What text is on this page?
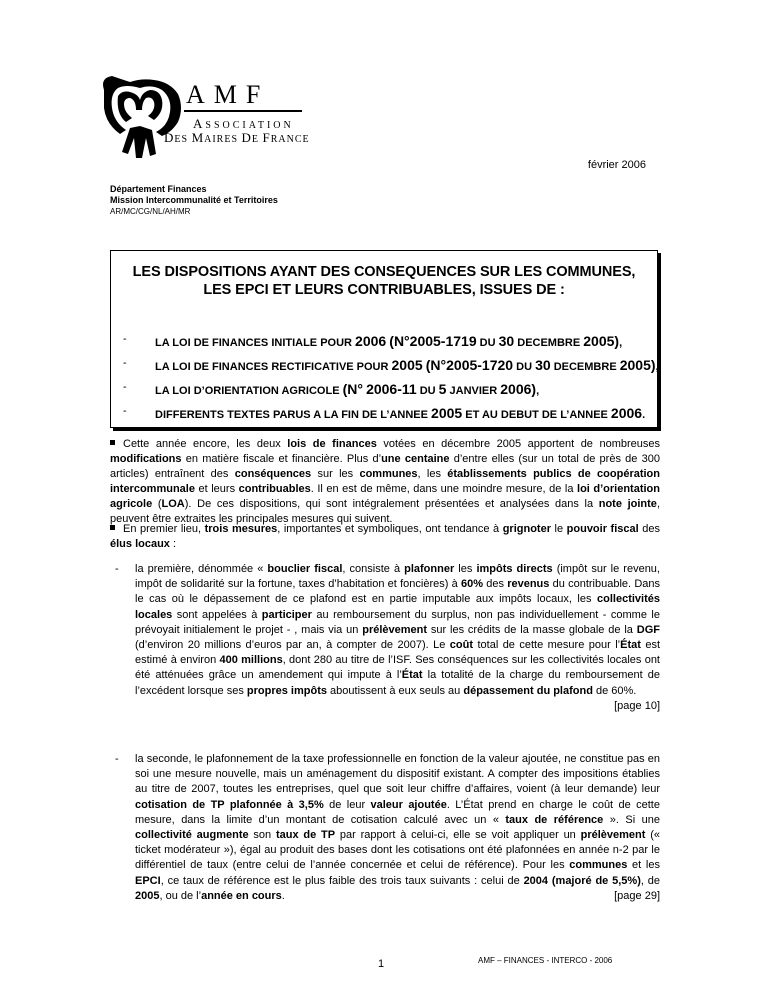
AMF
ASSOCIATION
DES MAIRES DE FRANCE
février 2006
Département Finances
Mission Intercommunalité et Territoires
AR/MC/CG/NL/AH/MR
LES DISPOSITIONS AYANT DES CONSEQUENCES SUR LES COMMUNES,
LES EPCI ET LEURS CONTRIBUABLES, ISSUES DE :
-	LA LOI DE FINANCES INITIALE POUR 2006 (N°2005-1719 DU 30 DECEMBRE 2005),
-	LA LOI DE FINANCES RECTIFICATIVE POUR 2005 (N°2005-1720 DU 30 DECEMBRE 2005),
-	LA LOI D’ORIENTATION AGRICOLE (N° 2006-11 DU 5 JANVIER 2006),
-	DIFFERENTS TEXTES PARUS A LA FIN DE L’ANNEE 2005 ET AU DEBUT DE L’ANNEE 2006.
Cette année encore, les deux lois de finances votées en décembre 2005 apportent de nombreuses modifications en matière fiscale et financière. Plus d’une centaine d’entre elles (sur un total de près de 300 articles) entraînent des conséquences sur les communes, les établissements publics de coopération intercommunale et leurs contribuables. Il en est de même, dans une moindre mesure, de la loi d’orientation agricole (LOA). De ces dispositions, qui sont intégralement présentées et analysées dans la note jointe, peuvent être extraites les principales mesures qui suivent.
En premier lieu, trois mesures, importantes et symboliques, ont tendance à grignoter le pouvoir fiscal des élus locaux :
- la première, dénommée « bouclier fiscal, consiste à plafonner les impôts directs (impôt sur le revenu, impôt de solidarité sur la fortune, taxes d’habitation et foncières) à 60% des revenus du contribuable. Dans le cas où le dépassement de ce plafond est en partie imputable aux impôts locaux, les collectivités locales sont appelées à participer au remboursement du surplus, non pas individuellement - comme le prévoyait initialement le projet - , mais via un prélèvement sur les crédits de la masse globale de la DGF (d’environ 20 millions d’euros par an, à compter de 2007). Le coût total de cette mesure pour l’État est estimé à environ 400 millions, dont 280 au titre de l’ISF. Ses conséquences sur les collectivités locales ont été atténuées grâce un amendement qui impute à l’État la totalité de la charge du remboursement de l’excédent lorsque ses propres impôts aboutissent à eux seuls au dépassement du plafond de 60%.
[page 10]
- la seconde, le plafonnement de la taxe professionnelle en fonction de la valeur ajoutée, ne constitue pas en soi une mesure nouvelle, mais un aménagement du dispositif existant. A compter des impositions établies au titre de 2007, toutes les entreprises, quel que soit leur chiffre d’affaires, voient (à leur demande) leur cotisation de TP plafonnée à 3,5% de leur valeur ajoutée. L’État prend en charge le coût de cette mesure, dans la limite d’un montant de cotisation calculé avec un « taux de référence ». Si une collectivité augmente son taux de TP par rapport à celui-ci, elle se voit appliquer un prélèvement (« ticket modérateur »), égal au produit des bases dont les cotisations ont été plafonnées en année n-2 par le différentiel de taux (entre celui de l’année concernée et celui de référence). Pour les communes et les EPCI, ce taux de référence est le plus faible des trois taux suivants : celui de 2004 (majoré de 5,5%), de 2005, ou de l’année en cours.	[page 29]
1	AMF – FINANCES - INTERCO - 2006
